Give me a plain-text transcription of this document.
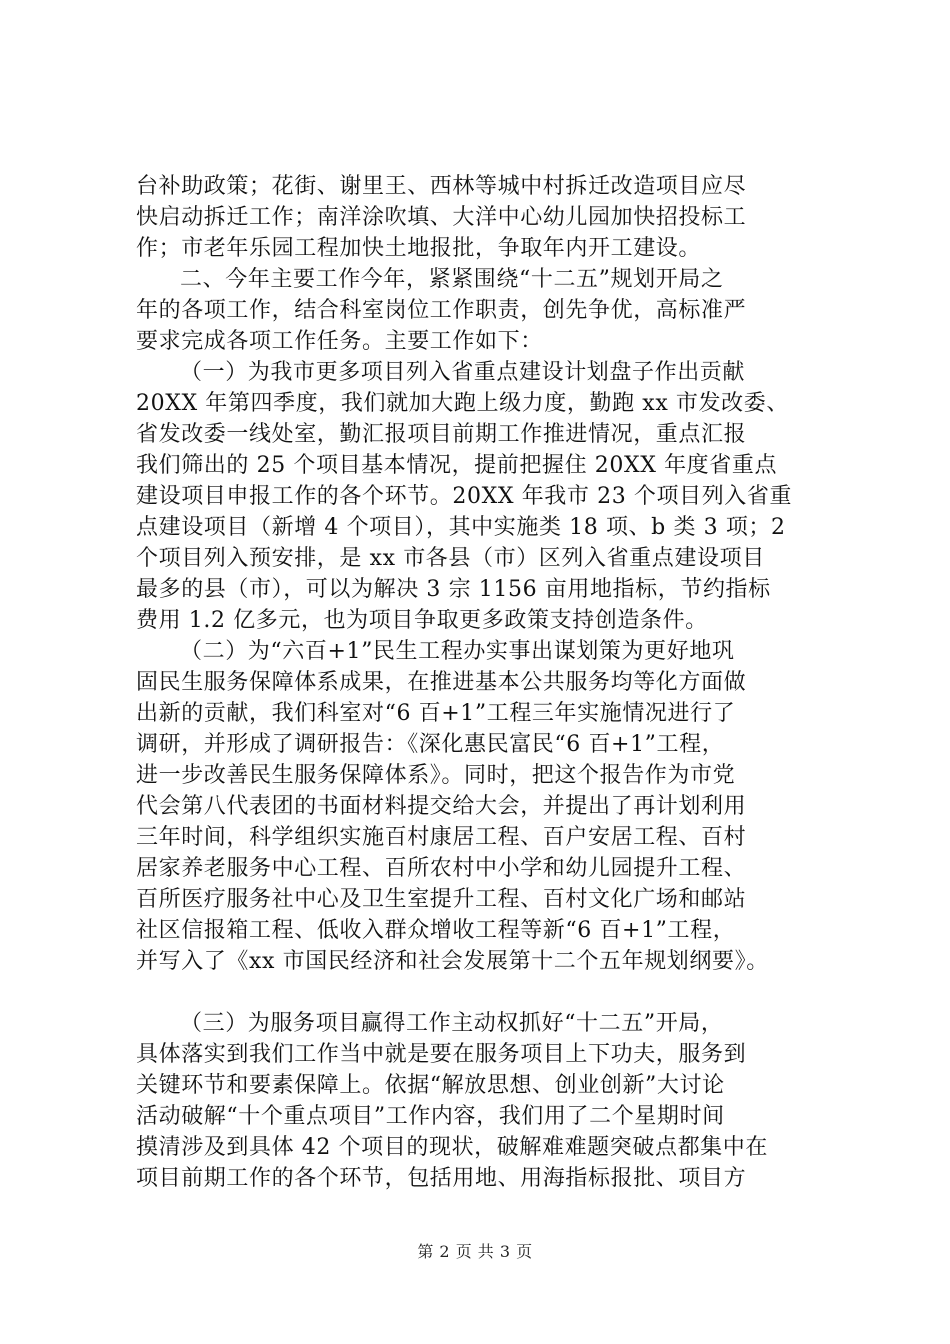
台补助政策；花街、谢里王、西林等城中村拆迁改造项目应尽
快启动拆迁工作；南洋涂吹填、大洋中心幼儿园加快招投标工
作；市老年乐园工程加快土地报批，争取年内开工建设。
二、今年主要工作今年，紧紧围绕“十二五”规划开局之
年的各项工作，结合科室岗位工作职责，创先争优，高标准严
要求完成各项工作任务。主要工作如下：
（一）为我市更多项目列入省重点建设计划盘子作出贡献
20XX 年第四季度，我们就加大跑上级力度，勤跑 xx 市发改委、
省发改委一线处室，勤汇报项目前期工作推进情况，重点汇报
我们筛出的 25 个项目基本情况，提前把握住 20XX 年度省重点
建设项目申报工作的各个环节。20XX 年我市 23 个项目列入省重
点建设项目（新增 4 个项目），其中实施类 18 项、b 类 3 项；2
个项目列入预安排，是 xx 市各县（市）区列入省重点建设项目
最多的县（市），可以为解决 3 宗 1156 亩用地指标，节约指标
费用 1.2 亿多元，也为项目争取更多政策支持创造条件。
（二）为“六百+1”民生工程办实事出谋划策为更好地巩
固民生服务保障体系成果，在推进基本公共服务均等化方面做
出新的贡献，我们科室对“6 百+1”工程三年实施情况进行了
调研，并形成了调研报告：《深化惠民富民“6 百+1”工程，
进一步改善民生服务保障体系》。同时，把这个报告作为市党
代会第八代表团的书面材料提交给大会，并提出了再计划利用
三年时间，科学组织实施百村康居工程、百户安居工程、百村
居家养老服务中心工程、百所农村中小学和幼儿园提升工程、
百所医疗服务社中心及卫生室提升工程、百村文化广场和邮站
社区信报箱工程、低收入群众增收工程等新“6 百+1”工程，
并写入了《xx 市国民经济和社会发展第十二个五年规划纲要》。
（三）为服务项目赢得工作主动权抓好“十二五”开局，
具体落实到我们工作当中就是要在服务项目上下功夫，服务到
关键环节和要素保障上。依据“解放思想、创业创新”大讨论
活动破解“十个重点项目”工作内容，我们用了二个星期时间
摸清涉及到具体 42 个项目的现状，破解难难题突破点都集中在
项目前期工作的各个环节，包括用地、用海指标报批、项目方
第 2 页 共 3 页
